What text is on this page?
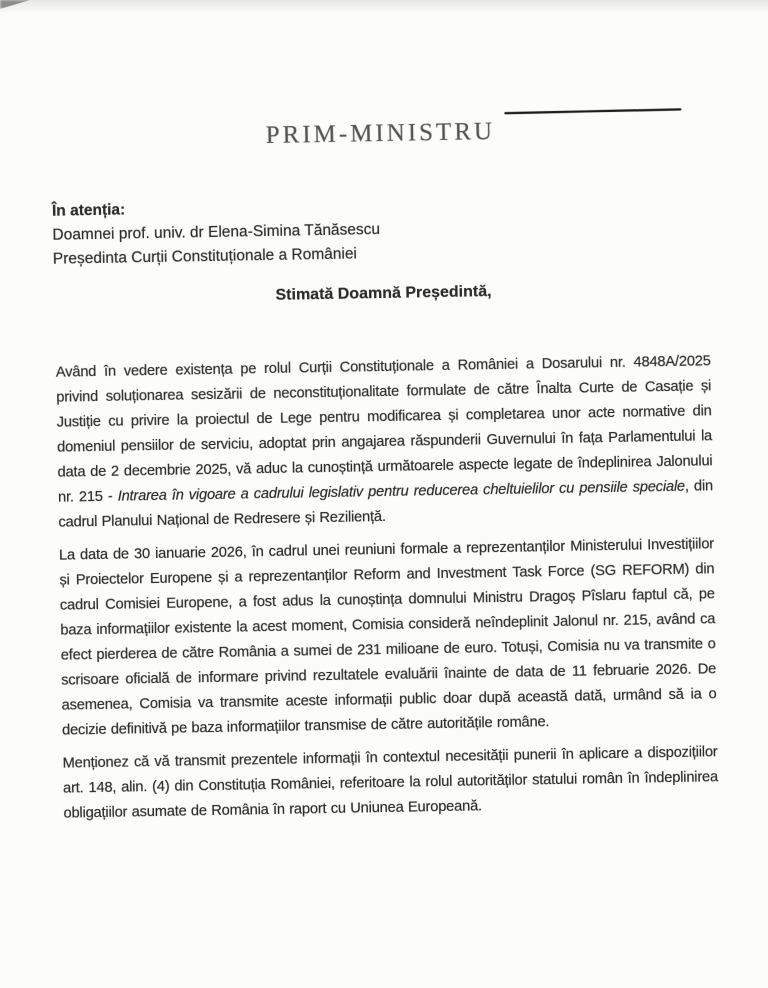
PRIM-MINISTRU

În atenția:

Doamnei prof. univ. dr Elena-Simina Tănăsescu

Președinta Curții Constituționale a României

Stimată Doamnă Președintă,

Având în vedere existența pe rolul Curții Constituționale a României a Dosarului nr. 4848A/2025 privind soluționarea sesizării de neconstituționalitate formulate de către Înalta Curte de Casație și Justiție cu privire la proiectul de Lege pentru modificarea și completarea unor acte normative din domeniul pensiilor de serviciu, adoptat prin angajarea răspunderii Guvernului în fața Parlamentului la data de 2 decembrie 2025, vă aduc la cunoștință următoarele aspecte legate de îndeplinirea Jalonului nr. 215 - Intrarea în vigoare a cadrului legislativ pentru reducerea cheltuielilor cu pensiile speciale, din cadrul Planului Național de Redresere și Reziliență.

La data de 30 ianuarie 2026, în cadrul unei reuniuni formale a reprezentanților Ministerului Investițiilor și Proiectelor Europene și a reprezentanților Reform and Investment Task Force (SG REFORM) din cadrul Comisiei Europene, a fost adus la cunoștința domnului Ministru Dragoș Pîslaru faptul că, pe baza informațiilor existente la acest moment, Comisia consideră neîndeplinit Jalonul nr. 215, având ca efect pierderea de către România a sumei de 231 milioane de euro. Totuși, Comisia nu va transmite o scrisoare oficială de informare privind rezultatele evaluării înainte de data de 11 februarie 2026. De asemenea, Comisia va transmite aceste informații public doar după această dată, urmând să ia o decizie definitivă pe baza informațiilor transmise de către autoritățile române.

Menționez că vă transmit prezentele informații în contextul necesității punerii în aplicare a dispozițiilor art. 148, alin. (4) din Constituția României, referitoare la rolul autorităților statului român în îndeplinirea obligațiilor asumate de România în raport cu Uniunea Europeană.
